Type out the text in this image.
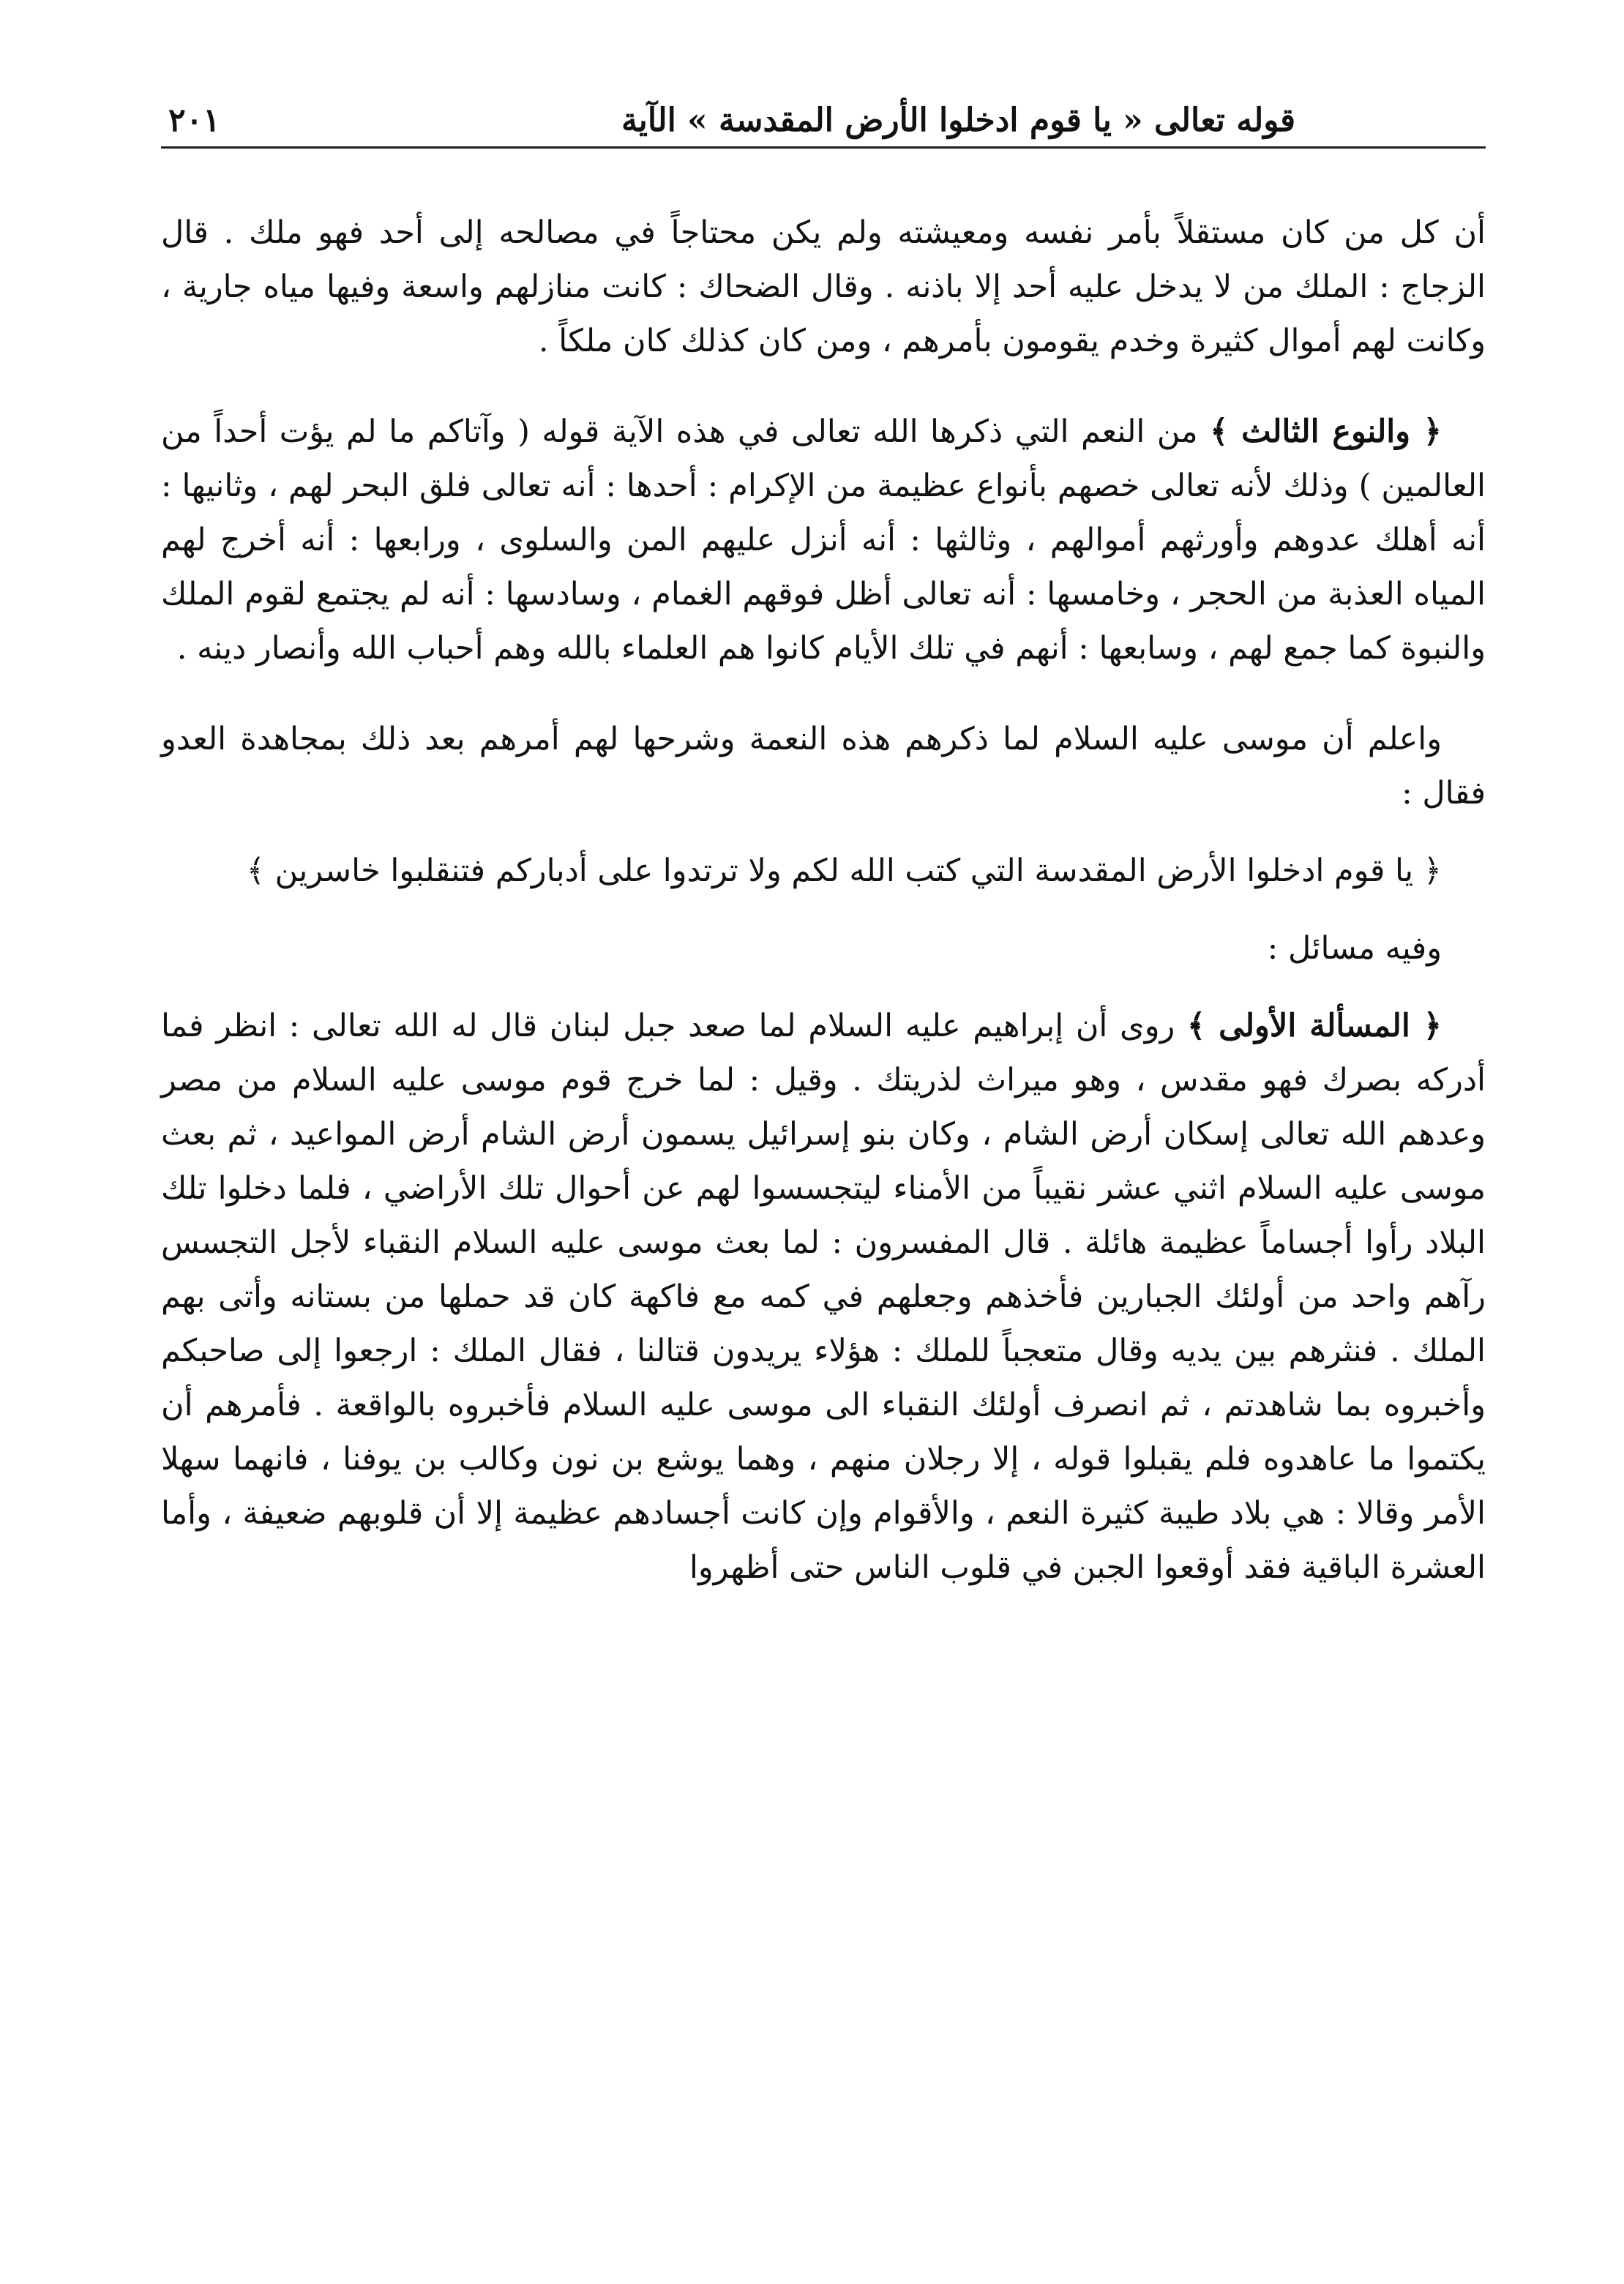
قوله تعالى « يا قوم ادخلوا الأرض المقدسة » الآية
٢٠١

أن كل من كان مستقلاً بأمر نفسه ومعيشته ولم يكن محتاجاً في مصالحه إلى أحد فهو ملك . قال الزجاج : الملك من لا يدخل عليه أحد إلا باذنه . وقال الضحاك : كانت منازلهم واسعة وفيها مياه جارية ، وكانت لهم أموال كثيرة وخدم يقومون بأمرهم ، ومن كان كذلك كان ملكاً .

﴿ والنوع الثالث ﴾ من النعم التي ذكرها الله تعالى في هذه الآية قوله ( وآتاكم ما لم يؤت أحداً من العالمين ) وذلك لأنه تعالى خصهم بأنواع عظيمة من الإكرام : أحدها : أنه تعالى فلق البحر لهم ، وثانيها : أنه أهلك عدوهم وأورثهم أموالهم ، وثالثها : أنه أنزل عليهم المن والسلوى ، ورابعها : أنه أخرج لهم المياه العذبة من الحجر ، وخامسها : أنه تعالى أظل فوقهم الغمام ، وسادسها : أنه لم يجتمع لقوم الملك والنبوة كما جمع لهم ، وسابعها : أنهم في تلك الأيام كانوا هم العلماء بالله وهم أحباب الله وأنصار دينه .

واعلم أن موسى عليه السلام لما ذكرهم هذه النعمة وشرحها لهم أمرهم بعد ذلك بمجاهدة العدو فقال :

﴿ يا قوم ادخلوا الأرض المقدسة التي كتب الله لكم ولا ترتدوا على أدباركم فتنقلبوا خاسرين ﴾

وفيه مسائل :

﴿ المسألة الأولى ﴾ روى أن إبراهيم عليه السلام لما صعد جبل لبنان قال له الله تعالى : انظر فما أدركه بصرك فهو مقدس ، وهو ميراث لذريتك . وقيل : لما خرج قوم موسى عليه السلام من مصر وعدهم الله تعالى إسكان أرض الشام ، وكان بنو إسرائيل يسمون أرض الشام أرض المواعيد ، ثم بعث موسى عليه السلام اثني عشر نقيباً من الأمناء ليتجسسوا لهم عن أحوال تلك الأراضي ، فلما دخلوا تلك البلاد رأوا أجساماً عظيمة هائلة . قال المفسرون : لما بعث موسى عليه السلام النقباء لأجل التجسس رآهم واحد من أولئك الجبارين فأخذهم وجعلهم في كمه مع فاكهة كان قد حملها من بستانه وأتى بهم الملك . فنثرهم بين يديه وقال متعجباً للملك : هؤلاء يريدون قتالنا ، فقال الملك : ارجعوا إلى صاحبكم وأخبروه بما شاهدتم ، ثم انصرف أولئك النقباء الى موسى عليه السلام فأخبروه بالواقعة . فأمرهم أن يكتموا ما عاهدوه فلم يقبلوا قوله ، إلا رجلان منهم ، وهما يوشع بن نون وكالب بن يوفنا ، فانهما سهلا الأمر وقالا : هي بلاد طيبة كثيرة النعم ، والأقوام وإن كانت أجسادهم عظيمة إلا أن قلوبهم ضعيفة ، وأما العشرة الباقية فقد أوقعوا الجبن في قلوب الناس حتى أظهروا
